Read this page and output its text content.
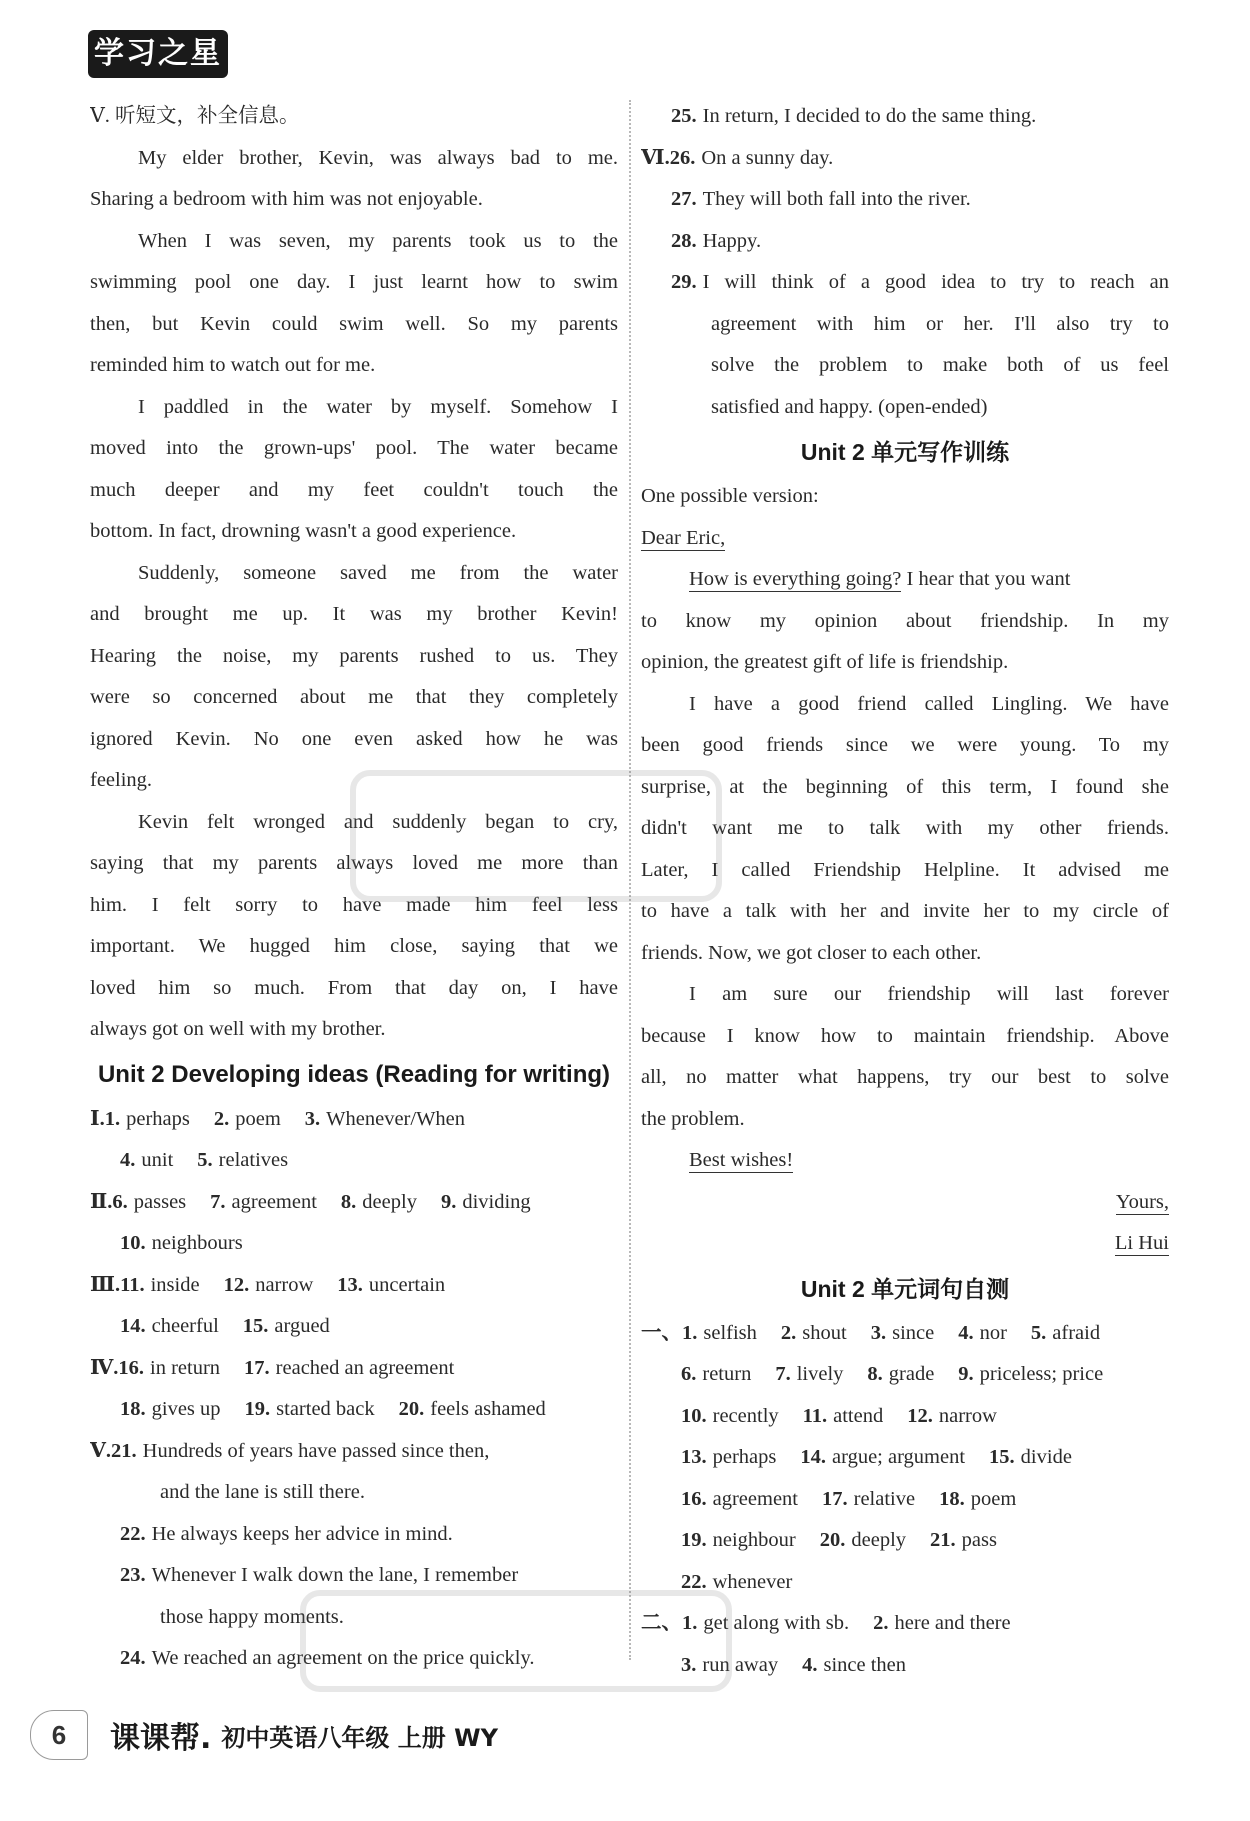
学习之星
Ⅴ. 听短文，补全信息。
My elder brother, Kevin, was always bad to me.
Sharing a bedroom with him was not enjoyable.
When I was seven, my parents took us to the
swimming pool one day. I just learnt how to swim
then, but Kevin could swim well. So my parents
reminded him to watch out for me.
I paddled in the water by myself. Somehow I
moved into the grown-ups' pool. The water became
much deeper and my feet couldn't touch the
bottom. In fact, drowning wasn't a good experience.
Suddenly, someone saved me from the water
and brought me up. It was my brother Kevin!
Hearing the noise, my parents rushed to us. They
were so concerned about me that they completely
ignored Kevin. No one even asked how he was
feeling.
Kevin felt wronged and suddenly began to cry,
saying that my parents always loved me more than
him. I felt sorry to have made him feel less
important. We hugged him close, saying that we
loved him so much. From that day on, I have
always got on well with my brother.
Unit 2 Developing ideas (Reading for writing)
Ⅰ.1. perhaps 2. poem 3. Whenever/When
4. unit 5. relatives
Ⅱ.6. passes 7. agreement 8. deeply 9. dividing
10. neighbours
Ⅲ.11. inside 12. narrow 13. uncertain
14. cheerful 15. argued
Ⅳ.16. in return 17. reached an agreement
18. gives up 19. started back 20. feels ashamed
Ⅴ.21. Hundreds of years have passed since then,
and the lane is still there.
22. He always keeps her advice in mind.
23. Whenever I walk down the lane, I remember
those happy moments.
24. We reached an agreement on the price quickly.
25. In return, I decided to do the same thing.
Ⅵ.26. On a sunny day.
27. They will both fall into the river.
28. Happy.
29. I will think of a good idea to try to reach an
agreement with him or her. I'll also try to
solve the problem to make both of us feel
satisfied and happy. (open-ended)
Unit 2 单元写作训练
One possible version:
Dear Eric,
How is everything going? I hear that you want
to know my opinion about friendship. In my
opinion, the greatest gift of life is friendship.
I have a good friend called Lingling. We have
been good friends since we were young. To my
surprise, at the beginning of this term, I found she
didn't want me to talk with my other friends.
Later, I called Friendship Helpline. It advised me
to have a talk with her and invite her to my circle of
friends. Now, we got closer to each other.
I am sure our friendship will last forever
because I know how to maintain friendship. Above
all, no matter what happens, try our best to solve
the problem.
Best wishes!
Yours,
Li Hui
Unit 2 单元词句自测
一、1. selfish 2. shout 3. since 4. nor 5. afraid
6. return 7. lively 8. grade 9. priceless; price
10. recently 11. attend 12. narrow
13. perhaps 14. argue; argument 15. divide
16. agreement 17. relative 18. poem
19. neighbour 20. deeply 21. pass
22. whenever
二、1. get along with sb. 2. here and there
3. run away 4. since then
6	课课帮. 初中英语八年级 上册 WY
